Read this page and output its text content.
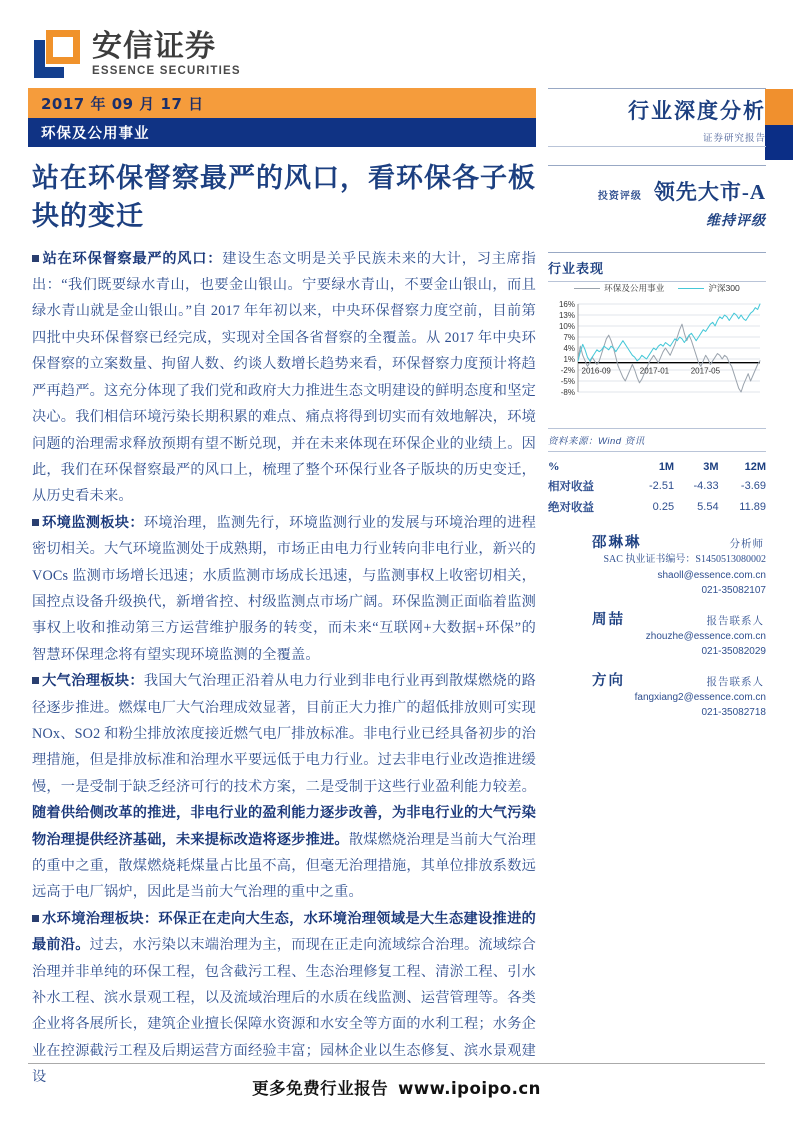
安信证券
ESSENCE SECURITIES
2017 年 09 月 17 日
环保及公用事业
站在环保督察最严的风口，看环保各子板块的变迁

站在环保督察最严的风口：建设生态文明是关乎民族未来的大计，习主席指出：“我们既要绿水青山，也要金山银山。宁要绿水青山，不要金山银山，而且绿水青山就是金山银山。”自 2017 年年初以来，中央环保督察力度空前，目前第四批中央环保督察已经完成，实现对全国各省督察的全覆盖。从 2017 年中央环保督察的立案数量、拘留人数、约谈人数增长趋势来看，环保督察力度预计将趋严再趋严。这充分体现了我们党和政府大力推进生态文明建设的鲜明态度和坚定决心。我们相信环境污染长期积累的难点、痛点将得到切实而有效地解决，环境问题的治理需求释放预期有望不断兑现，并在未来体现在环保企业的业绩上。因此，我们在环保督察最严的风口上，梳理了整个环保行业各子版块的历史变迁，从历史看未来。

环境监测板块：环境治理，监测先行，环境监测行业的发展与环境治理的进程密切相关。大气环境监测处于成熟期，市场正由电力行业转向非电行业，新兴的 VOCs 监测市场增长迅速；水质监测市场成长迅速，与监测事权上收密切相关，国控点设备升级换代，新增省控、村级监测点市场广阔。环保监测正面临着监测事权上收和推动第三方运营维护服务的转变，而未来“互联网+大数据+环保”的智慧环保理念将有望实现环境监测的全覆盖。

大气治理板块：我国大气治理正沿着从电力行业到非电行业再到散煤燃烧的路径逐步推进。燃煤电厂大气治理成效显著，目前正大力推广的超低排放则可实现 NOx、SO2 和粉尘排放浓度接近燃气电厂排放标准。非电行业已经具备初步的治理措施，但是排放标准和治理水平要远低于电力行业。过去非电行业改造推进缓慢，一是受制于缺乏经济可行的技术方案，二是受制于这些行业盈利能力较差。随着供给侧改革的推进，非电行业的盈利能力逐步改善，为非电行业的大气污染物治理提供经济基础，未来提标改造将逐步推进。散煤燃烧治理是当前大气治理的重中之重，散煤燃烧耗煤量占比虽不高，但毫无治理措施，其单位排放系数远远高于电厂锅炉，因此是当前大气治理的重中之重。

水环境治理板块：环保正在走向大生态，水环境治理领域是大生态建设推进的最前沿。过去，水污染以末端治理为主，而现在正走向流域综合治理。流域综合治理并非单纯的环保工程，包含截污工程、生态治理修复工程、清淤工程、引水补水工程、滨水景观工程，以及流域治理后的水质在线监测、运营管理等。各类企业将各展所长，建筑企业擅长保障水资源和水安全等方面的水利工程；水务企业在控源截污工程及后期运营方面经验丰富；园林企业以生态修复、滨水景观建设

行业深度分析
证券研究报告
投资评级 领先大市-A
维持评级
行业表现
环保及公用事业	沪深300
16%
13%
10%
7%
4%
1%
-2%
-5%
-8%
2016-09	2017-01	2017-05
资料来源：Wind 资讯
%	1M	3M	12M
相对收益	-2.51	-4.33	-3.69
绝对收益	0.25	5.54	11.89
邵琳琳	分析师
SAC 执业证书编号：S1450513080002
shaoll@essence.com.cn
021-35082107
周喆	报告联系人
zhouzhe@essence.com.cn
021-35082029
方向	报告联系人
fangxiang2@essence.com.cn
021-35082718
更多免费行业报告 www.ipoipo.cn
